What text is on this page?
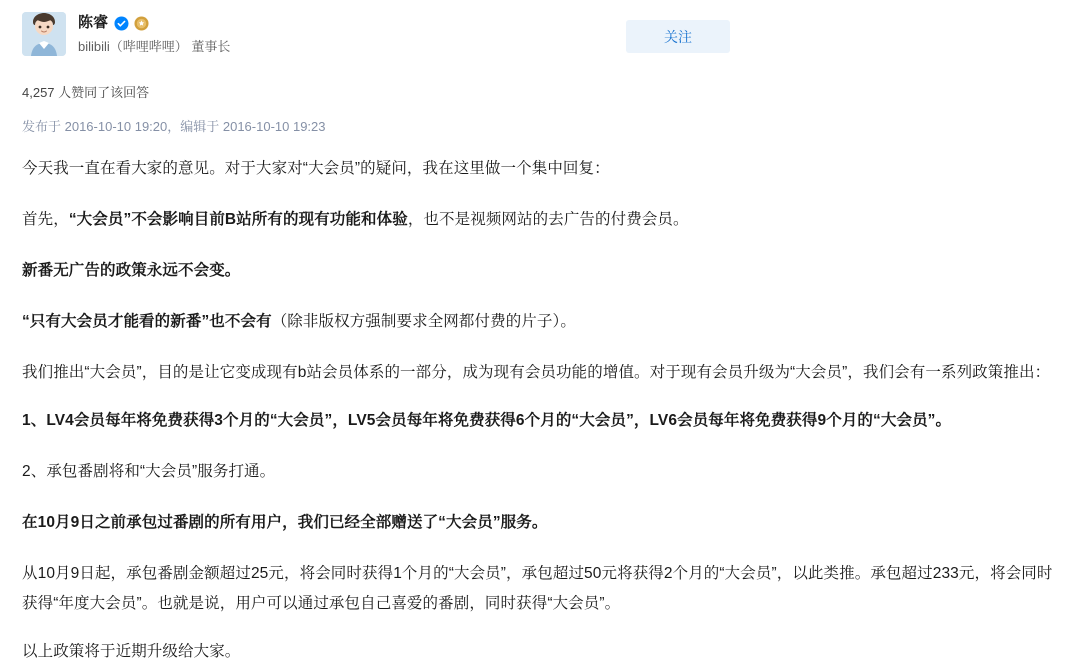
陈睿
bilibili（哔哩哔哩） 董事长
关注
4,257 人赞同了该回答
发布于 2016-10-10 19:20，编辑于 2016-10-10 19:23

今天我一直在看大家的意见。对于大家对“大会员”的疑问，我在这里做一个集中回复：

首先，“大会员”不会影响目前B站所有的现有功能和体验，也不是视频网站的去广告的付费会员。

新番无广告的政策永远不会变。

“只有大会员才能看的新番”也不会有（除非版权方强制要求全网都付费的片子）。

我们推出“大会员”，目的是让它变成现有b站会员体系的一部分，成为现有会员功能的增值。对于现有会员升级为“大会员”，我们会有一系列政策推出：

1、LV4会员每年将免费获得3个月的“大会员”，LV5会员每年将免费获得6个月的“大会员”，LV6会员每年将免费获得9个月的“大会员”。

2、承包番剧将和“大会员”服务打通。

在10月9日之前承包过番剧的所有用户，我们已经全部赠送了“大会员”服务。

从10月9日起，承包番剧金额超过25元，将会同时获得1个月的“大会员”，承包超过50元将获得2个月的“大会员”，以此类推。承包超过233元，将会同时获得“年度大会员”。也就是说，用户可以通过承包自己喜爱的番剧，同时获得“大会员”。

以上政策将于近期升级给大家。
